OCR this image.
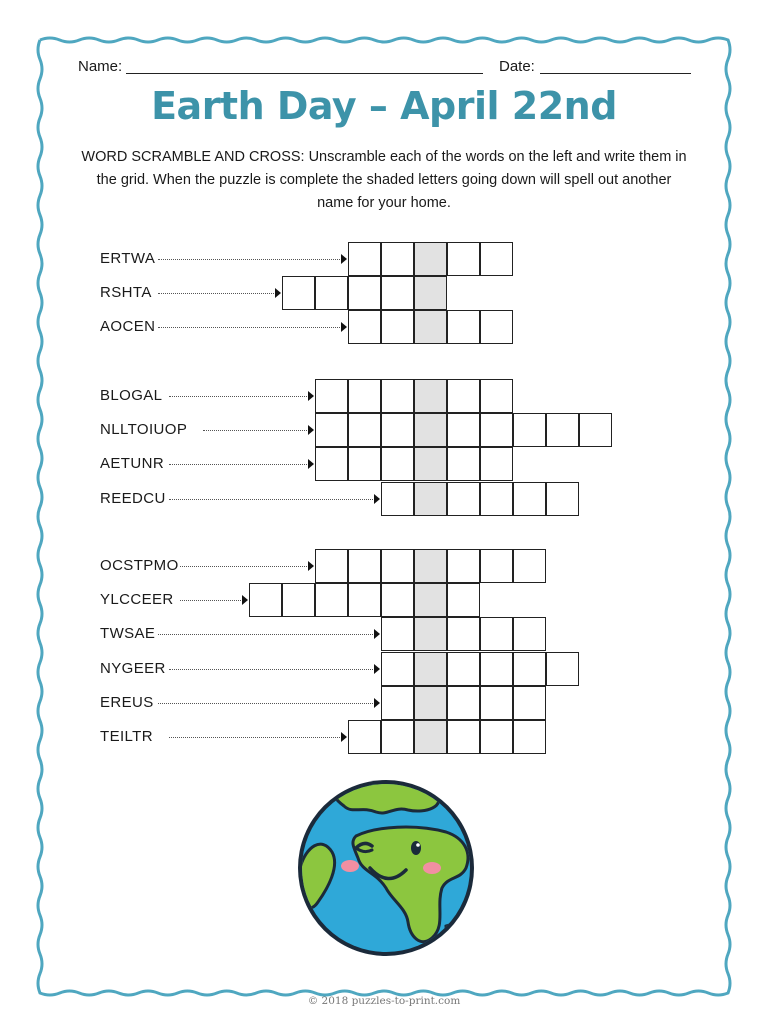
Name:	Date:
Earth Day – April 22nd
WORD SCRAMBLE AND CROSS: Unscramble each of the words on the left and write them in the grid. When the puzzle is complete the shaded letters going down will spell out another name for your home.
ERTWA
RSHTA
AOCEN
BLOGAL
NLLTOIUOP
AETUNR
REEDCU
OCSTPMO
YLCCEER
TWSAE
NYGEER
EREUS
TEILTR
© 2018 puzzles-to-print.com
